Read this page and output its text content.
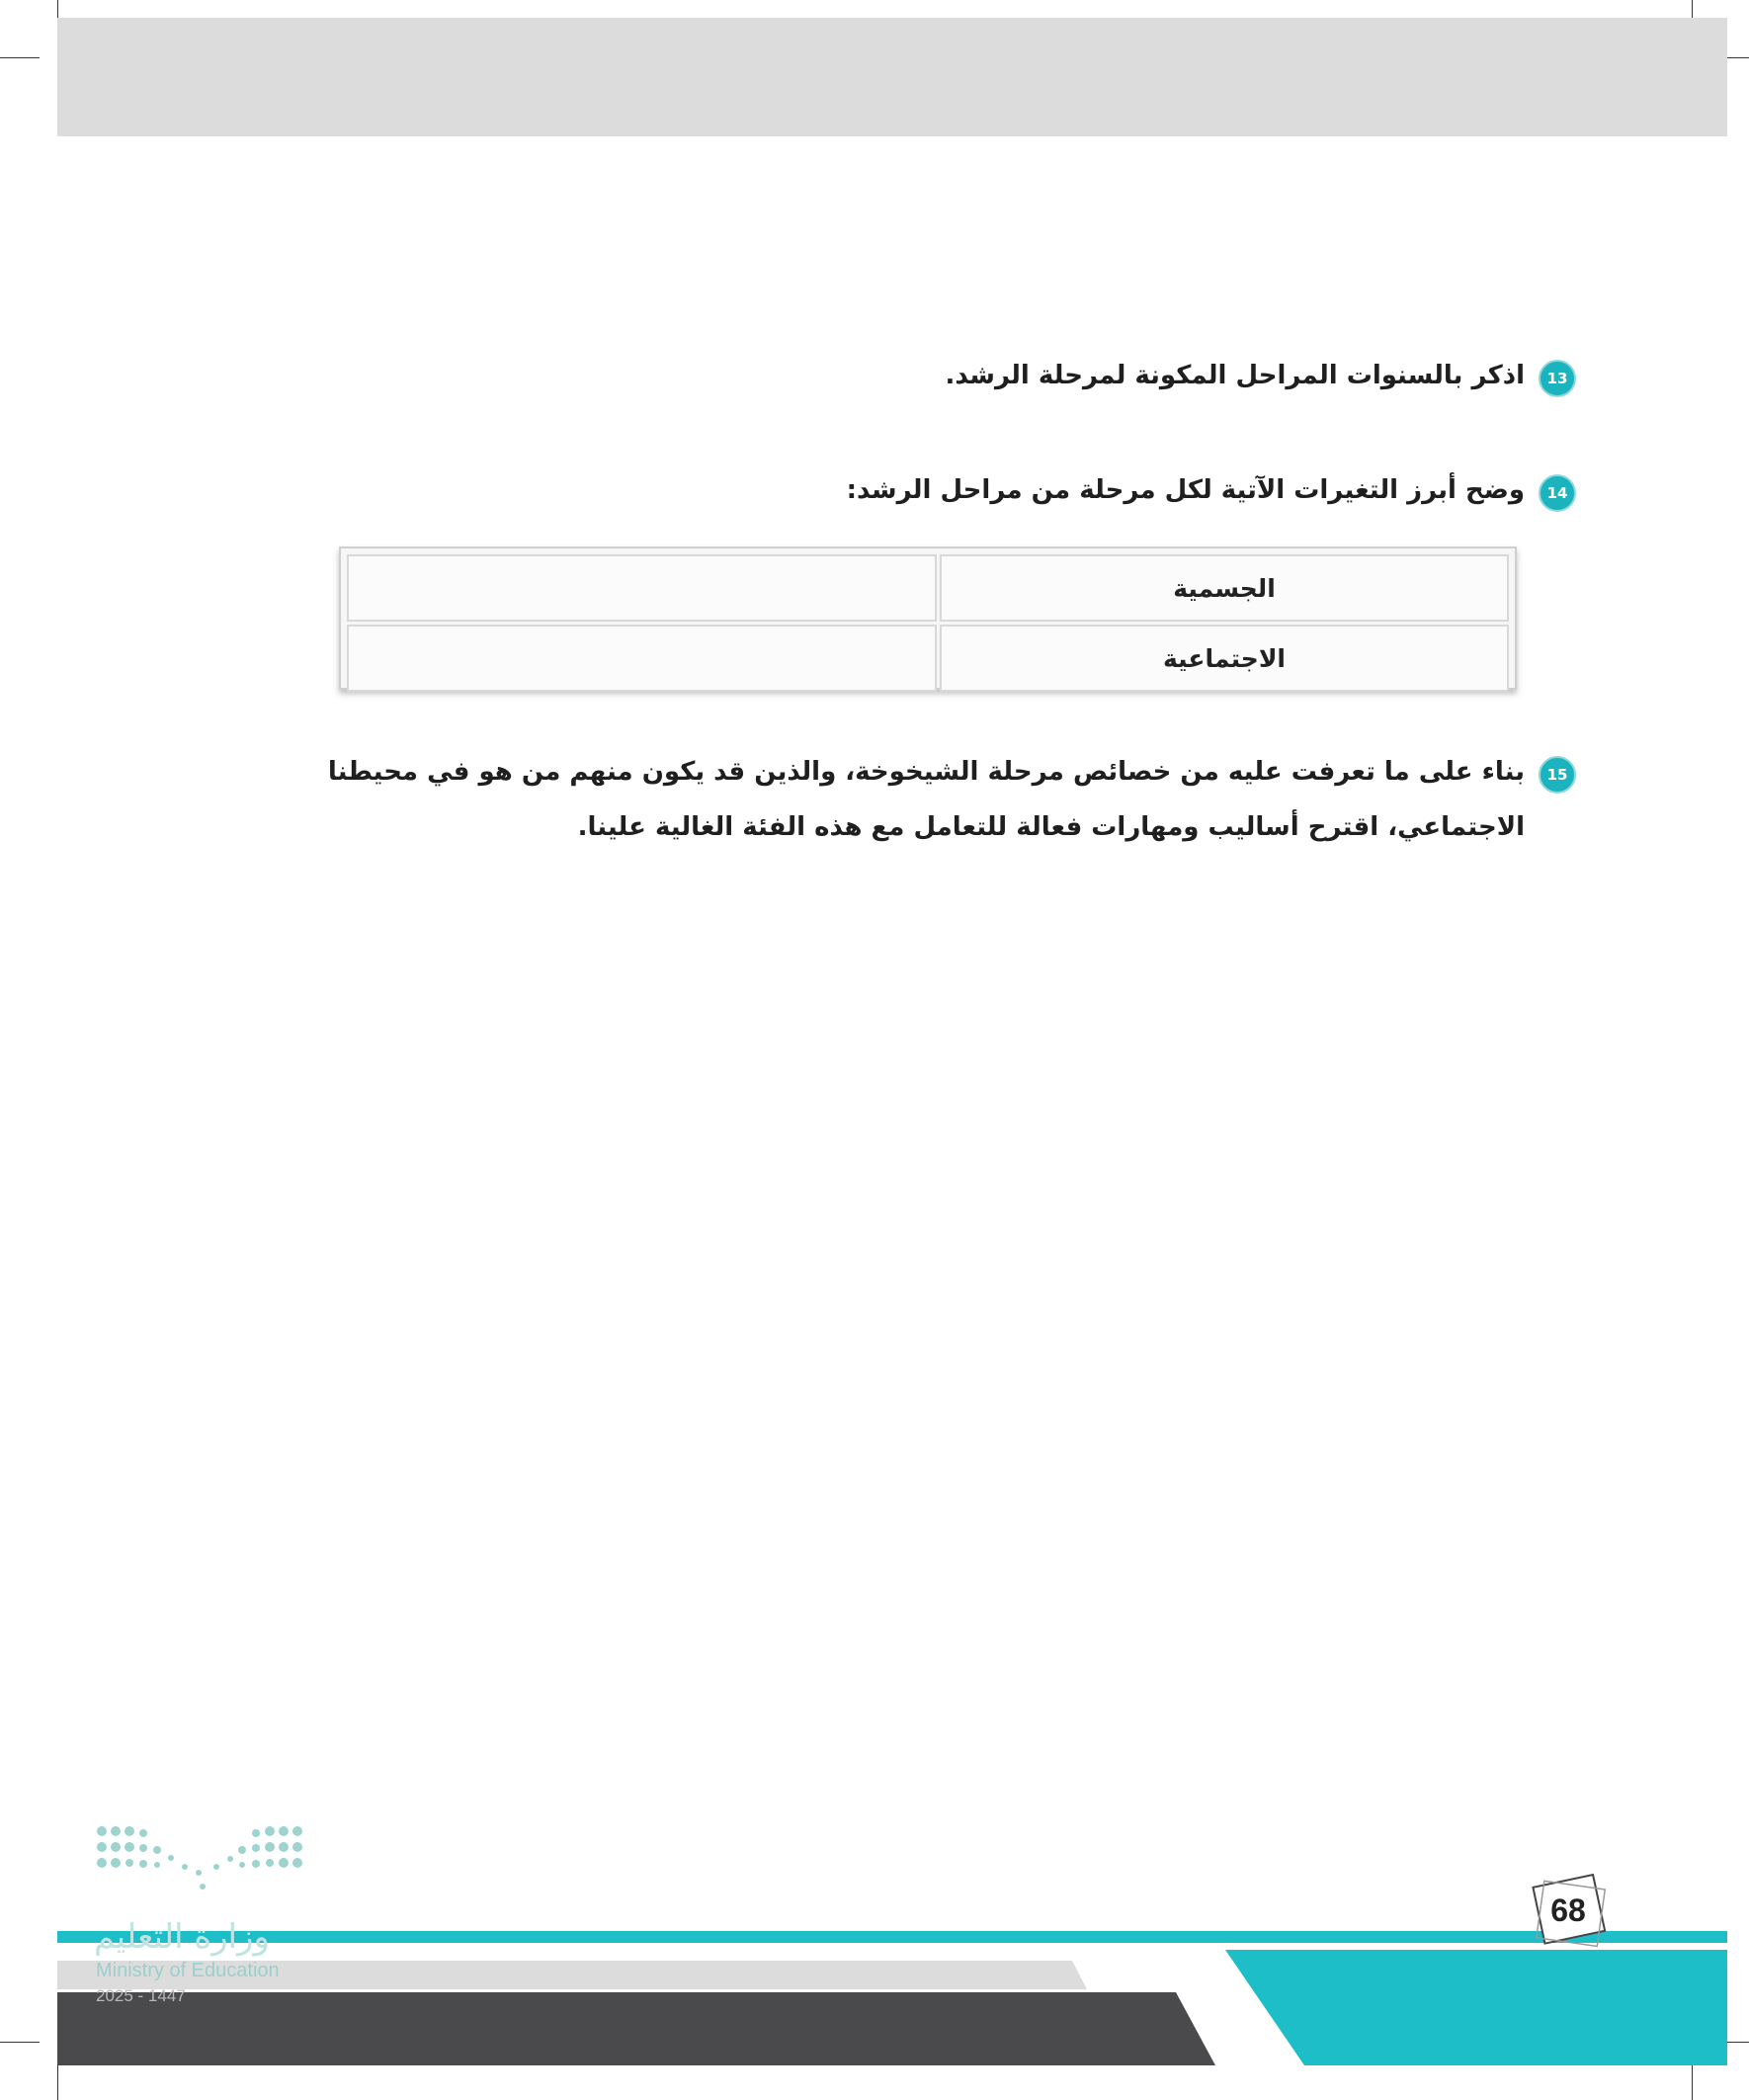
13
اذكر بالسنوات المراحل المكونة لمرحلة الرشد.
14
وضح أبرز التغيرات الآتية لكل مرحلة من مراحل الرشد:
الجسمية	
الاجتماعية	
15
بناء على ما تعرفت عليه من خصائص مرحلة الشيخوخة، والذين قد يكون منهم من هو في محيطنا الاجتماعي، اقترح أساليب ومهارات فعالة للتعامل مع هذه الفئة الغالية علينا.
وزارة التعليم
Ministry of Education
2025 - 1447
68
